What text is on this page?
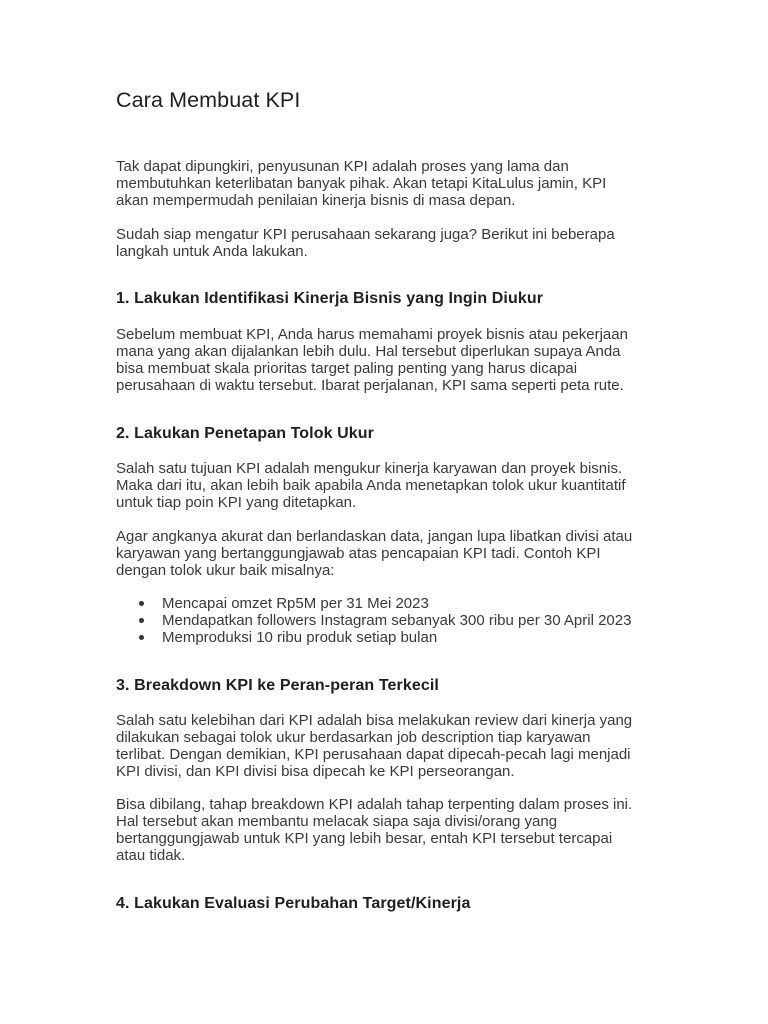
Cara Membuat KPI

Tak dapat dipungkiri, penyusunan KPI adalah proses yang lama dan
membutuhkan keterlibatan banyak pihak. Akan tetapi KitaLulus jamin, KPI
akan mempermudah penilaian kinerja bisnis di masa depan.

Sudah siap mengatur KPI perusahaan sekarang juga? Berikut ini beberapa
langkah untuk Anda lakukan.

1. Lakukan Identifikasi Kinerja Bisnis yang Ingin Diukur

Sebelum membuat KPI, Anda harus memahami proyek bisnis atau pekerjaan
mana yang akan dijalankan lebih dulu. Hal tersebut diperlukan supaya Anda
bisa membuat skala prioritas target paling penting yang harus dicapai
perusahaan di waktu tersebut. Ibarat perjalanan, KPI sama seperti peta rute.

2. Lakukan Penetapan Tolok Ukur

Salah satu tujuan KPI adalah mengukur kinerja karyawan dan proyek bisnis.
Maka dari itu, akan lebih baik apabila Anda menetapkan tolok ukur kuantitatif
untuk tiap poin KPI yang ditetapkan.

Agar angkanya akurat dan berlandaskan data, jangan lupa libatkan divisi atau
karyawan yang bertanggungjawab atas pencapaian KPI tadi. Contoh KPI
dengan tolok ukur baik misalnya:

Mencapai omzet Rp5M per 31 Mei 2023
Mendapatkan followers Instagram sebanyak 300 ribu per 30 April 2023
Memproduksi 10 ribu produk setiap bulan
3. Breakdown KPI ke Peran-peran Terkecil

Salah satu kelebihan dari KPI adalah bisa melakukan review dari kinerja yang
dilakukan sebagai tolok ukur berdasarkan job description tiap karyawan
terlibat. Dengan demikian, KPI perusahaan dapat dipecah-pecah lagi menjadi
KPI divisi, dan KPI divisi bisa dipecah ke KPI perseorangan.

Bisa dibilang, tahap breakdown KPI adalah tahap terpenting dalam proses ini.
Hal tersebut akan membantu melacak siapa saja divisi/orang yang
bertanggungjawab untuk KPI yang lebih besar, entah KPI tersebut tercapai
atau tidak.

4. Lakukan Evaluasi Perubahan Target/Kinerja
